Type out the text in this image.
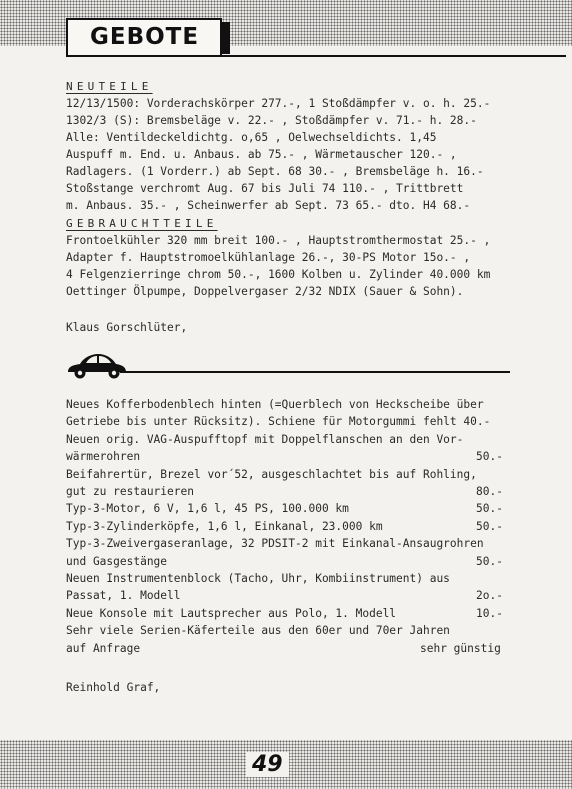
GEBOTE
NEUTEILE
12/13/1500: Vorderachskörper 277.-, 1 Stoßdämpfer v. o. h. 25.-
1302/3 (S): Bremsbeläge v. 22.- , Stoßdämpfer v. 71.- h. 28.-
Alle: Ventildeckeldichtg. o,65 , Oelwechseldichts. 1,45
Auspuff m. End. u. Anbaus. ab 75.- , Wärmetauscher 120.- ,
Radlagers. (1 Vorderr.) ab Sept. 68 30.- , Bremsbeläge h. 16.-
Stoßstange verchromt Aug. 67 bis Juli 74 110.- , Trittbrett
m. Anbaus. 35.- , Scheinwerfer ab Sept. 73 65.- dto. H4 68.-
GEBRAUCHTTEILE
Frontoelkühler 320 mm breit 100.- , Hauptstromthermostat 25.- ,
Adapter f. Hauptstromoelkühlanlage 26.-, 30-PS Motor 15o.- ,
4 Felgenzierringe chrom 50.-, 1600 Kolben u. Zylinder 40.000 km
Oettinger Ölpumpe, Doppelvergaser 2/32 NDIX (Sauer & Sohn).
Klaus Gorschlüter,
Neues Kofferbodenblech hinten (=Querblech von Heckscheibe über
Getriebe bis unter Rücksitz). Schiene für Motorgummi fehlt 40.-
Neuen orig. VAG-Auspufftopf mit Doppelflanschen an den Vor-
wärmerohren	50.-
Beifahrertür, Brezel vor´52, ausgeschlachtet bis auf Rohling,
gut zu restaurieren	80.-
Typ-3-Motor, 6 V, 1,6 l, 45 PS, 100.000 km	50.-
Typ-3-Zylinderköpfe, 1,6 l, Einkanal, 23.000 km	50.-
Typ-3-Zweivergaseranlage, 32 PDSIT-2 mit Einkanal-Ansaugrohren
und Gasgestänge	50.-
Neuen Instrumentenblock (Tacho, Uhr, Kombiinstrument) aus
Passat, 1. Modell	2o.-
Neue Konsole mit Lautsprecher aus Polo, 1. Modell	10.-
Sehr viele Serien-Käferteile aus den 60er und 70er Jahren
auf Anfrage	sehr günstig
Reinhold Graf,
49
